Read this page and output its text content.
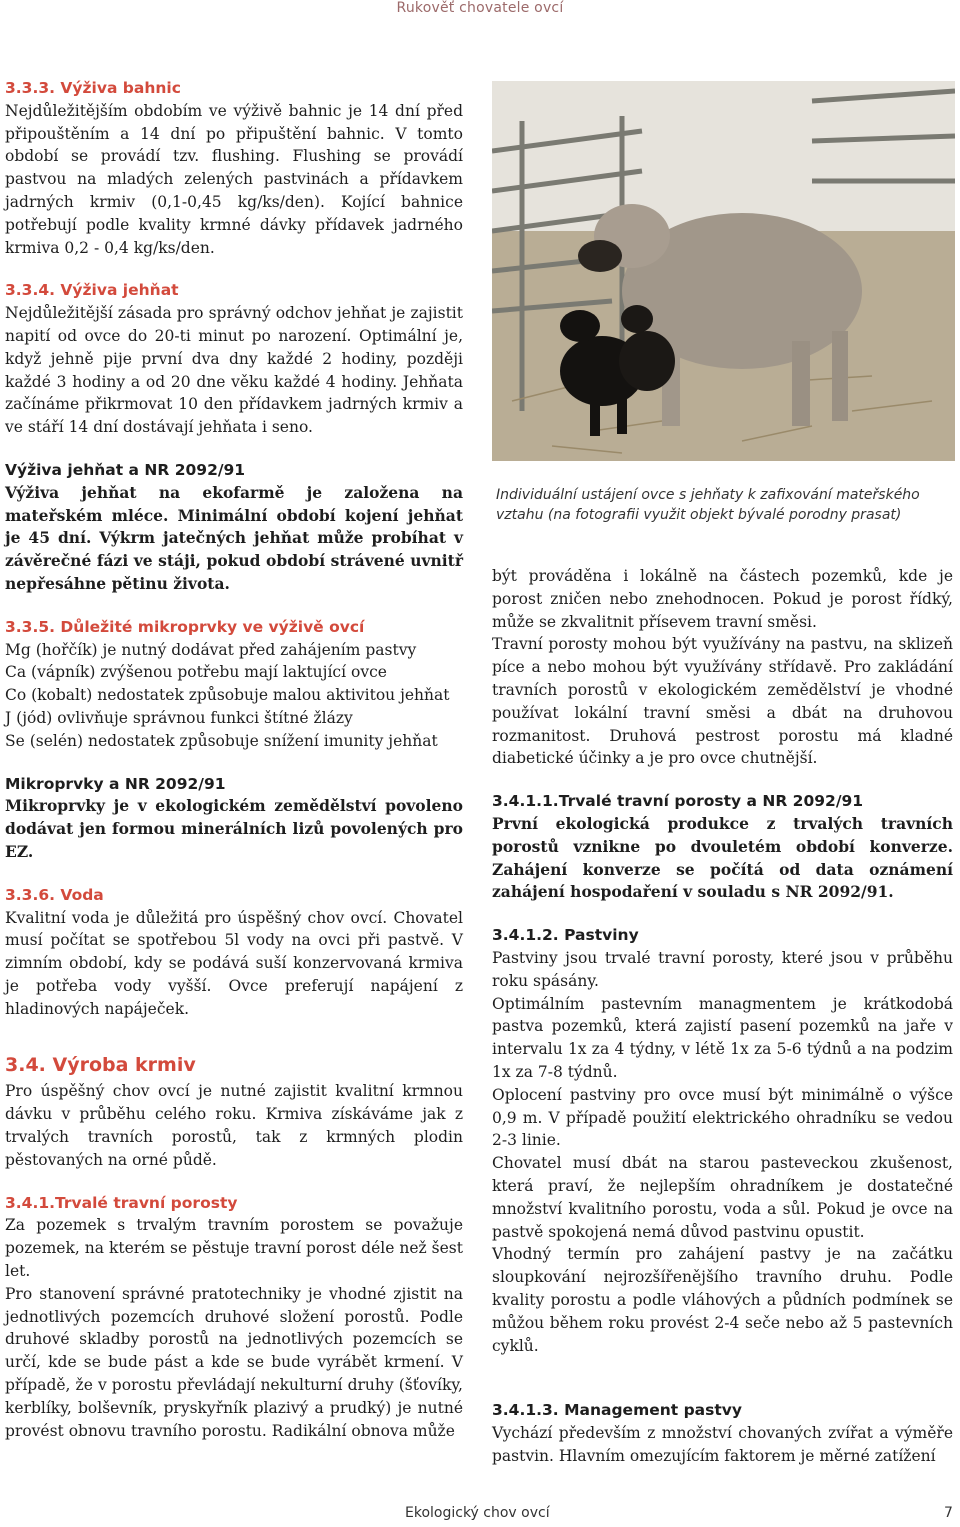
Rukověť chovatele ovcí
3.3.3. Výživa bahnic

Nejdůležitějším obdobím ve výživě bahnic je 14 dní před připouštěním a 14 dní po připuštění bahnic. V tomto období se provádí tzv. flushing. Flushing se provádí pastvou na mladých zelených pastvinách a přídavkem jadrných krmiv (0,1-0,45 kg/ks/den). Kojící bahnice potřebují podle kvality krmné dávky přídavek jadrného krmiva 0,2 - 0,4 kg/ks/den.

3.3.4. Výživa jehňat

Nejdůležitější zásada pro správný odchov jehňat je zajistit napití od ovce do 20-ti minut po narození. Optimální je, když jehně pije první dva dny každé 2 hodiny, později každé 3 hodiny a od 20 dne věku každé 4 hodiny. Jehňata začínáme přikrmovat 10 den přídavkem jadrných krmiv a ve stáří 14 dní dostávají jehňata i seno.

Výživa jehňat a NR 2092/91

Výživa jehňat na ekofarmě je založena na mateřském mléce. Minimální období kojení jehňat je 45 dní. Výkrm jatečných jehňat může probíhat v závěrečné fázi ve stáji, pokud období strávené uvnitř nepřesáhne pětinu života.

3.3.5. Důležité mikroprvky ve výživě ovcí

Mg (hořčík) je nutný dodávat před zahájením pastvy

Ca (vápník) zvýšenou potřebu mají laktující ovce

Co (kobalt) nedostatek způsobuje malou aktivitou jehňat

J (jód) ovlivňuje správnou funkci štítné žlázy

Se (selén) nedostatek způsobuje snížení imunity jehňat

Mikroprvky a NR 2092/91

Mikroprvky je v ekologickém zemědělství povoleno dodávat jen formou minerálních lizů povolených pro EZ.

3.3.6. Voda

Kvalitní voda je důležitá pro úspěšný chov ovcí. Chovatel musí počítat se spotřebou 5l vody na ovci při pastvě. V zimním období, kdy se podává suší konzervovaná krmiva je potřeba vody vyšší. Ovce preferují napájení z hladinových napáječek.

3.4. Výroba krmiv

Pro úspěšný chov ovcí je nutné zajistit kvalitní krmnou dávku v průběhu celého roku. Krmiva získáváme jak z trvalých travních porostů, tak z krmných plodin pěstovaných na orné půdě.

3.4.1.Trvalé travní porosty

Za pozemek s trvalým travním porostem se považuje pozemek, na kterém se pěstuje travní porost déle než šest let.

Pro stanovení správné pratotechniky je vhodné zjistit na jednotlivých pozemcích druhové složení porostů. Podle druhové skladby porostů na jednotlivých pozemcích se určí, kde se bude pást a kde se bude vyrábět krmení. V případě, že v porostu převládají nekulturní druhy (šťovíky, kerblíky, bolševník, pryskyřník plazivý a prudký) je nutné provést obnovu travního porostu. Radikální obnova může

Individuální ustájení ovce s jehňaty k zafixování mateřského vztahu (na fotografii využit objekt bývalé porodny prasat)

být prováděna i lokálně na částech pozemků, kde je porost zničen nebo znehodnocen. Pokud je porost řídký, může se zkvalitnit přísevem travní směsi.

Travní porosty mohou být využívány na pastvu, na sklizeň píce a nebo mohou být využívány střídavě. Pro zakládání travních porostů v ekologickém zemědělství je vhodné používat lokální travní směsi a dbát na druhovou rozmanitost. Druhová pestrost porostu má kladné diabetické účinky a je pro ovce chutnější.

3.4.1.1.Trvalé travní porosty a NR 2092/91

První ekologická produkce z trvalých travních porostů vznikne po dvouletém období konverze. Zahájení konverze se počítá od data oznámení zahájení hospodaření v souladu s NR 2092/91.

3.4.1.2. Pastviny

Pastviny jsou trvalé travní porosty, které jsou v průběhu roku spásány.

Optimálním pastevním managmentem je krátkodobá pastva pozemků, která zajistí pasení pozemků na jaře v intervalu 1x za 4 týdny, v létě 1x za 5-6 týdnů a na podzim 1x za 7-8 týdnů.

Oplocení pastviny pro ovce musí být minimálně o výšce 0,9 m. V případě použití elektrického ohradníku se vedou 2-3 linie.

Chovatel musí dbát na starou pasteveckou zkušenost, která praví, že nejlepším ohradníkem je dostatečné množství kvalitního porostu, voda a sůl. Pokud je ovce na pastvě spokojená nemá důvod pastvinu opustit.

Vhodný termín pro zahájení pastvy je na začátku sloupkování nejrozšířenějšího travního druhu. Podle kvality porostu a podle vláhových a půdních podmínek se můžou během roku provést 2-4 seče nebo až 5 pastevních cyklů.

3.4.1.3. Management pastvy

Vychází především z množství chovaných zvířat a výměře pastvin. Hlavním omezujícím faktorem je měrné zatížení

Ekologický chov ovcí	7
